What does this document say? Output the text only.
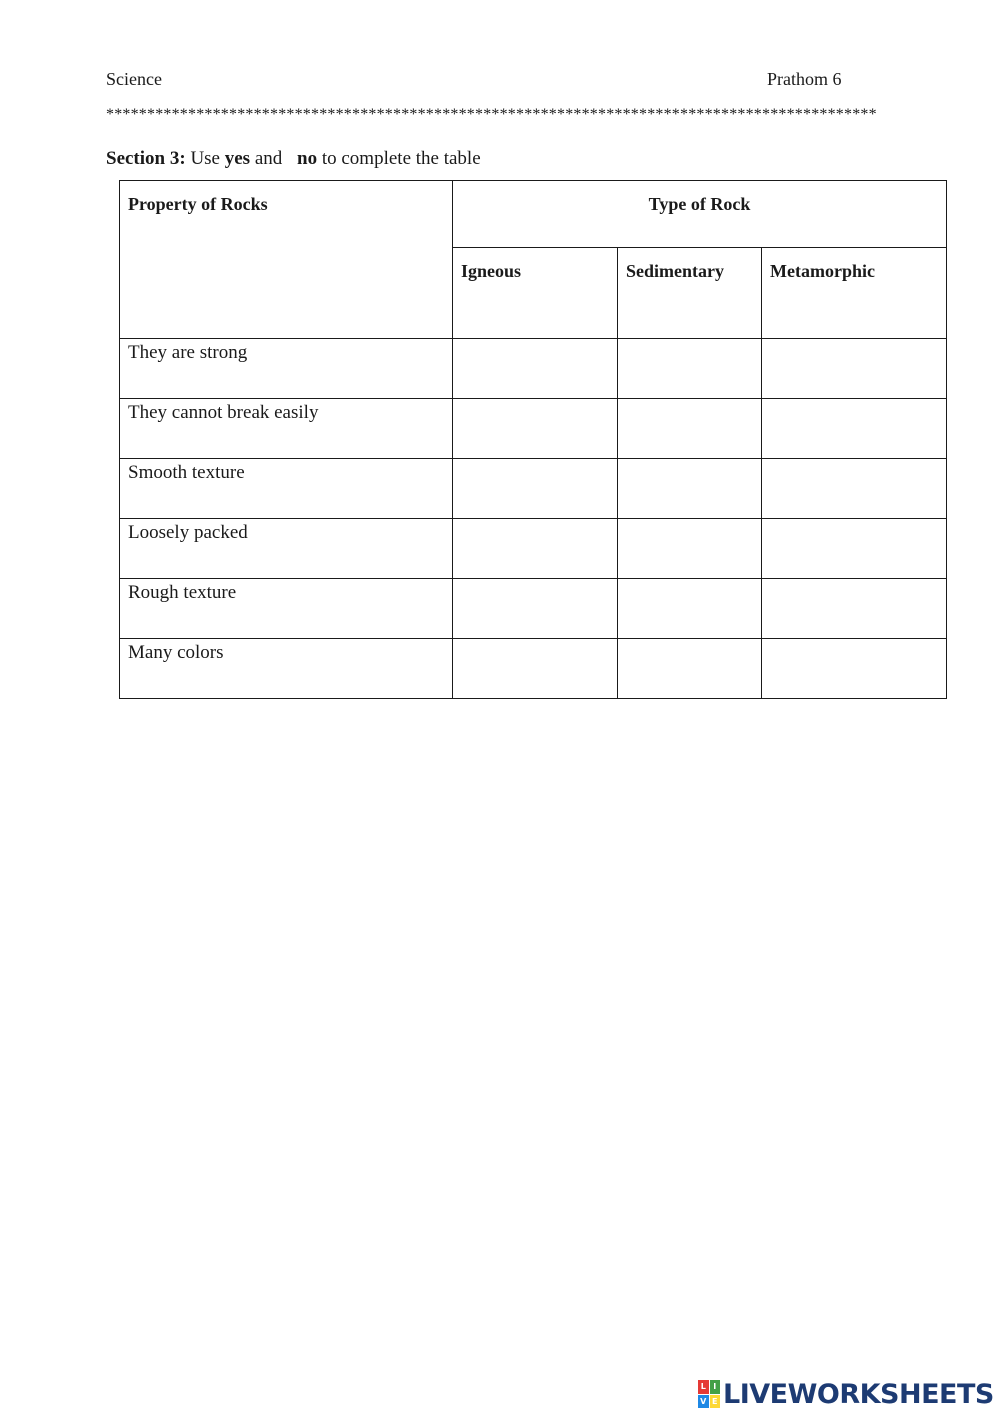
Science	Prathom 6
**********************************************************************************************
Section 3: Use yes and no to complete the table
Property of Rocks	Type of Rock		
	Igneous	Sedimentary	Metamorphic
They are strong			
They cannot break easily			
Smooth texture			
Loosely packed			
Rough texture			
Many colors			
L I
V E LIVEWORKSHEETS
